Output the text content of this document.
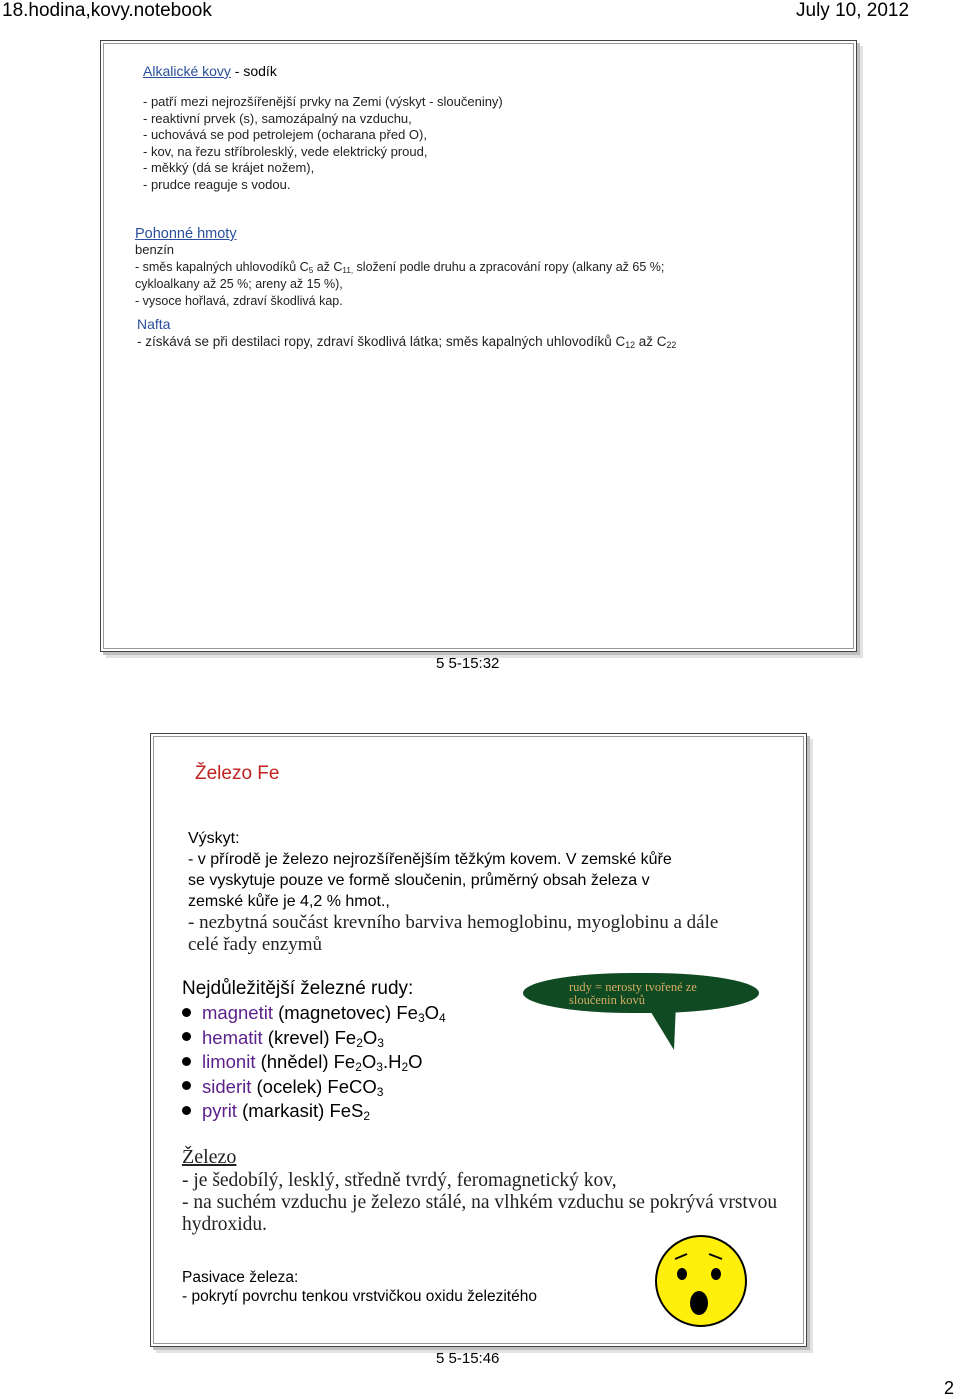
18.hodina,kovy.notebook	July 10, 2012
Alkalické kovy - sodík
- patří mezi nejrozšířenější prvky na Zemi (výskyt - sloučeniny)
- reaktivní prvek (s), samozápalný na vzduchu,
- uchovává se pod petrolejem (ocharana před O),
- kov, na řezu stříbrolesklý, vede elektrický proud,
- měkký (dá se krájet nožem),
- prudce reaguje s vodou.
Pohonné hmoty
benzín
- směs kapalných uhlovodíků $C_5$ až $C_{11,}$ složení podle druhu a zpracování ropy (alkany až 65 %;
cykloalkany až 25 %; areny až 15 %),
- vysoce hořlavá, zdraví škodlivá kap.
Nafta
- získává se při destilaci ropy, zdraví škodlivá látka; směs kapalných uhlovodíků $C_{12}$ až $C_{22}$
5 5-15:32
Železo Fe
Výskyt:
- v přírodě je železo nejrozšířenějším těžkým kovem. V zemské kůře
se vyskytuje pouze ve formě sloučenin, průměrný obsah železa v
zemské kůře je 4,2 % hmot.,
- nezbytná součást krevního barviva hemoglobinu, myoglobinu a dále
celé řady enzymů
Nejdůležitější železné rudy:
magnetit (magnetovec) $Fe_3O_4$
hematit (krevel) $Fe_2O_3$
limonit (hnědel) $Fe_2O_3.H_2O$
siderit (ocelek) FeCO$_3$
pyrit (markasit) FeS$_2$
rudy = nerosty tvořené ze
sloučenin kovů
Železo
- je šedobílý, lesklý, středně tvrdý, feromagnetický kov,
- na suchém vzduchu je železo stálé, na vlhkém vzduchu se pokrývá vrstvou
hydroxidu.
Pasivace železa:
- pokrytí povrchu tenkou vrstvičkou oxidu železitého
5 5-15:46
2
